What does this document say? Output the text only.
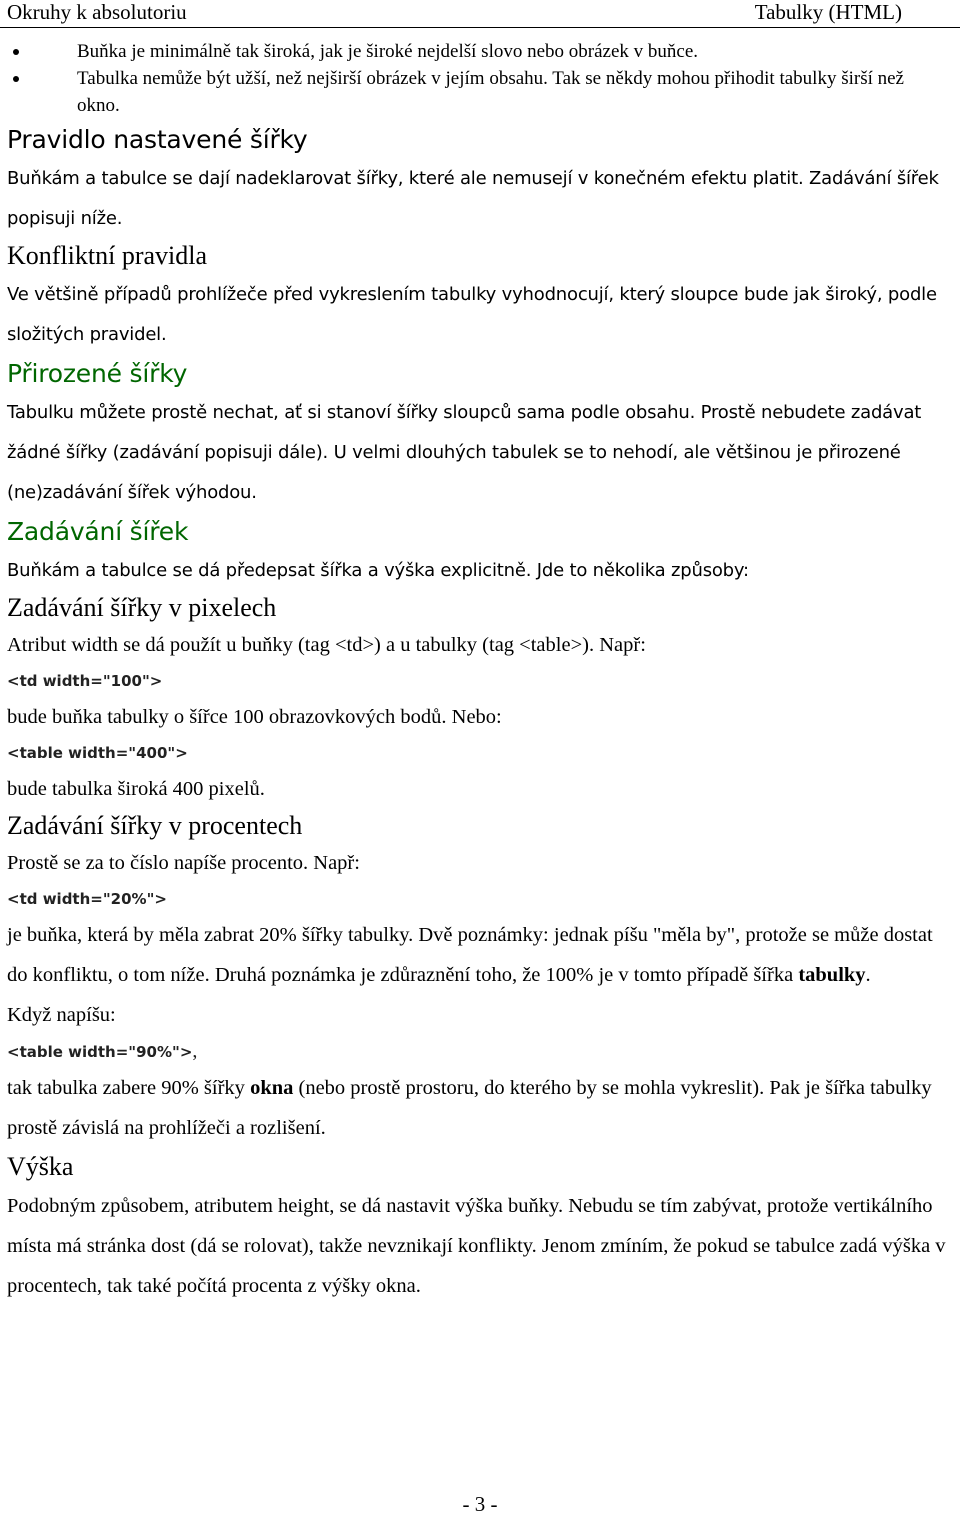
Okruhy k absolutoriu	Tabulky (HTML)
Buňka je minimálně tak široká, jak je široké nejdelší slovo nebo obrázek v buňce.
Tabulka nemůže být užší, než nejširší obrázek v jejím obsahu. Tak se někdy mohou přihodit tabulky širší než okno.
Pravidlo nastavené šířky

Buňkám a tabulce se dají nadeklarovat šířky, které ale nemusejí v konečném efektu platit. Zadávání šířek popisuji níže.

Konfliktní pravidla

Ve většině případů prohlížeče před vykreslením tabulky vyhodnocují, který sloupce bude jak široký, podle složitých pravidel.

Přirozené šířky

Tabulku můžete prostě nechat, ať si stanoví šířky sloupců sama podle obsahu. Prostě nebudete zadávat žádné šířky (zadávání popisuji dále). U velmi dlouhých tabulek se to nehodí, ale většinou je přirozené (ne)zadávání šířek výhodou.

Zadávání šířek

Buňkám a tabulce se dá předepsat šířka a výška explicitně. Jde to několika způsoby:

Zadávání šířky v pixelech

Atribut width se dá použít u buňky (tag <td>) a u tabulky (tag <table>). Např:

<td width="100">

bude buňka tabulky o šířce 100 obrazovkových bodů. Nebo:

<table width="400">

bude tabulka široká 400 pixelů.

Zadávání šířky v procentech

Prostě se za to číslo napíše procento. Např:

<td width="20%">

je buňka, která by měla zabrat 20% šířky tabulky. Dvě poznámky: jednak píšu "měla by", protože se může dostat do konfliktu, o tom níže. Druhá poznámka je zdůraznění toho, že 100% je v tomto případě šířka tabulky.

Když napíšu:

<table width="90%">,

tak tabulka zabere 90% šířky okna (nebo prostě prostoru, do kterého by se mohla vykreslit). Pak je šířka tabulky prostě závislá na prohlížeči a rozlišení.

Výška

Podobným způsobem, atributem height, se dá nastavit výška buňky. Nebudu se tím zabývat, protože vertikálního místa má stránka dost (dá se rolovat), takže nevznikají konflikty. Jenom zmíním, že pokud se tabulce zadá výška v procentech, tak také počítá procenta z výšky okna.

- 3 -
